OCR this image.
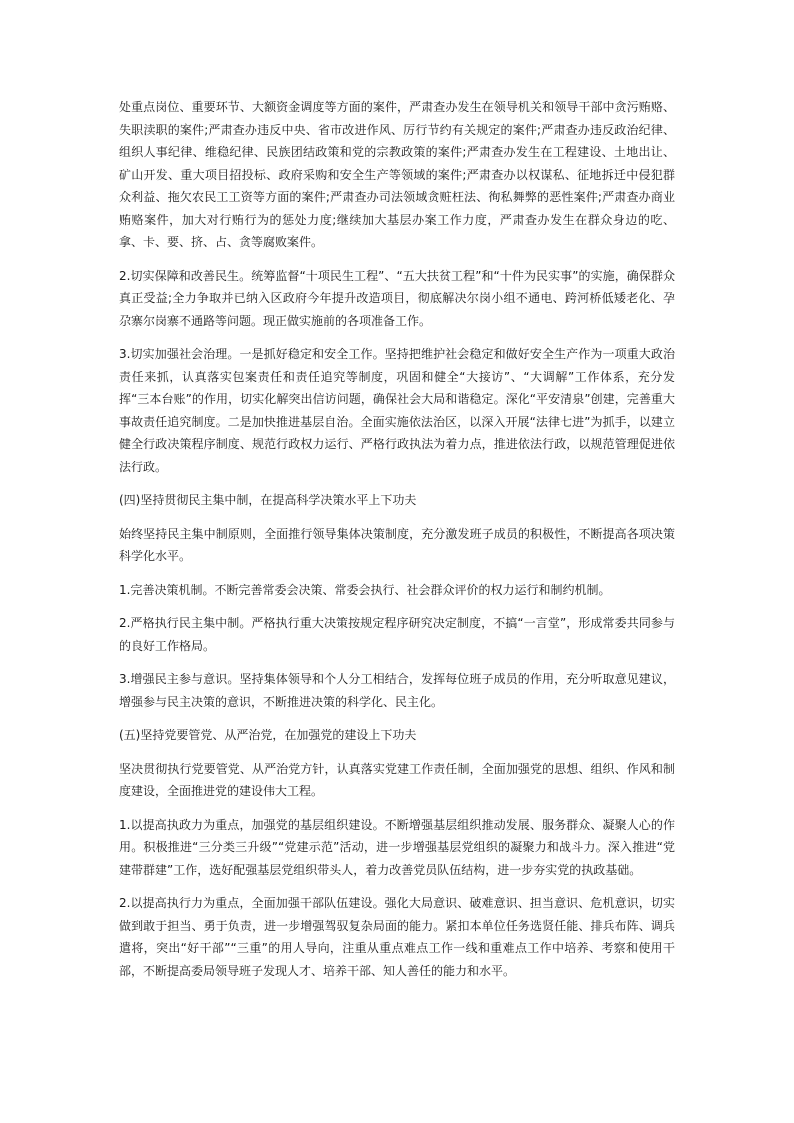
处重点岗位、重要环节、大额资金调度等方面的案件，严肃查办发生在领导机关和领导干部中贪污贿赂、失职渎职的案件;严肃查办违反中央、省市改进作风、厉行节约有关规定的案件;严肃查办违反政治纪律、组织人事纪律、维稳纪律、民族团结政策和党的宗教政策的案件;严肃查办发生在工程建设、土地出让、矿山开发、重大项目招投标、政府采购和安全生产等领域的案件;严肃查办以权谋私、征地拆迁中侵犯群众利益、拖欠农民工工资等方面的案件;严肃查办司法领域贪赃枉法、徇私舞弊的恶性案件;严肃查办商业贿赂案件，加大对行贿行为的惩处力度;继续加大基层办案工作力度，严肃查办发生在群众身边的吃、拿、卡、要、挤、占、贪等腐败案件。

2.切实保障和改善民生。统筹监督“十项民生工程”、“五大扶贫工程”和“十件为民实事”的实施，确保群众真正受益;全力争取并已纳入区政府今年提升改造项目，彻底解决尔岗小组不通电、跨河桥低矮老化、孕尕寨尔岗寨不通路等问题。现正做实施前的各项准备工作。

3.切实加强社会治理。一是抓好稳定和安全工作。坚持把维护社会稳定和做好安全生产作为一项重大政治责任来抓，认真落实包案责任和责任追究等制度，巩固和健全“大接访”、“大调解”工作体系，充分发挥“三本台账”的作用，切实化解突出信访问题，确保社会大局和谐稳定。深化“平安清泉”创建，完善重大事故责任追究制度。二是加快推进基层自治。全面实施依法治区，以深入开展“法律七进”为抓手，以建立健全行政决策程序制度、规范行政权力运行、严格行政执法为着力点，推进依法行政，以规范管理促进依法行政。

(四)坚持贯彻民主集中制，在提高科学决策水平上下功夫

始终坚持民主集中制原则，全面推行领导集体决策制度，充分激发班子成员的积极性，不断提高各项决策科学化水平。

1.完善决策机制。不断完善常委会决策、常委会执行、社会群众评价的权力运行和制约机制。

2.严格执行民主集中制。严格执行重大决策按规定程序研究决定制度，不搞“一言堂”，形成常委共同参与的良好工作格局。

3.增强民主参与意识。坚持集体领导和个人分工相结合，发挥每位班子成员的作用，充分听取意见建议，增强参与民主决策的意识，不断推进决策的科学化、民主化。

(五)坚持党要管党、从严治党，在加强党的建设上下功夫

坚决贯彻执行党要管党、从严治党方针，认真落实党建工作责任制，全面加强党的思想、组织、作风和制度建设，全面推进党的建设伟大工程。

1.以提高执政力为重点，加强党的基层组织建设。不断增强基层组织推动发展、服务群众、凝聚人心的作用。积极推进“三分类三升级”“党建示范”活动，进一步增强基层党组织的凝聚力和战斗力。深入推进“党建带群建”工作，选好配强基层党组织带头人，着力改善党员队伍结构，进一步夯实党的执政基础。

2.以提高执行力为重点，全面加强干部队伍建设。强化大局意识、破难意识、担当意识、危机意识，切实做到敢于担当、勇于负责，进一步增强驾驭复杂局面的能力。紧扣本单位任务选贤任能、排兵布阵、调兵遣将，突出“好干部”“三重”的用人导向，注重从重点难点工作一线和重难点工作中培养、考察和使用干部，不断提高委局领导班子发现人才、培养干部、知人善任的能力和水平。
